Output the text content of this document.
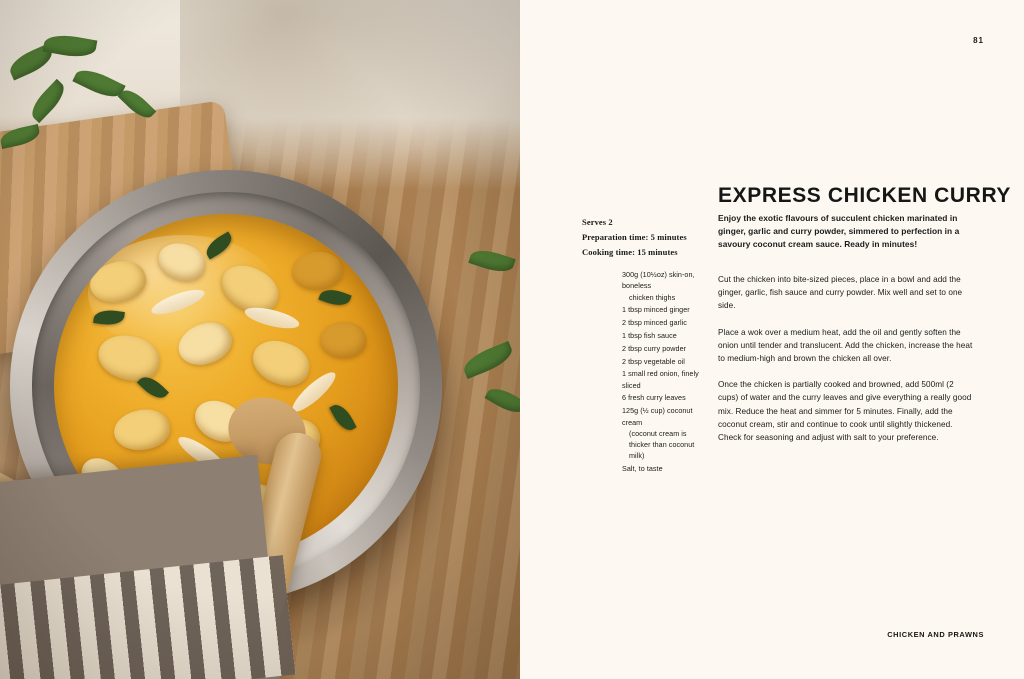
81
EXPRESS CHICKEN CURRY
Serves 2
Preparation time: 5 minutes
Cooking time: 15 minutes
300g (10½oz) skin-on, boneless
chicken thighs
1 tbsp minced ginger
2 tbsp minced garlic
1 tbsp fish sauce
2 tbsp curry powder
2 tbsp vegetable oil
1 small red onion, finely sliced
6 fresh curry leaves
125g (½ cup) coconut cream
(coconut cream is thicker than coconut milk)
Salt, to taste

Enjoy the exotic flavours of succulent chicken marinated in ginger, garlic and curry powder, simmered to perfection in a savoury coconut cream sauce. Ready in minutes!

Cut the chicken into bite-sized pieces, place in a bowl and add the ginger, garlic, fish sauce and curry powder. Mix well and set to one side.

Place a wok over a medium heat, add the oil and gently soften the onion until tender and translucent. Add the chicken, increase the heat to medium-high and brown the chicken all over.

Once the chicken is partially cooked and browned, add 500ml (2 cups) of water and the curry leaves and give everything a really good mix. Reduce the heat and simmer for 5 minutes. Finally, add the coconut cream, stir and continue to cook until slightly thickened. Check for seasoning and adjust with salt to your preference.

CHICKEN AND PRAWNS
